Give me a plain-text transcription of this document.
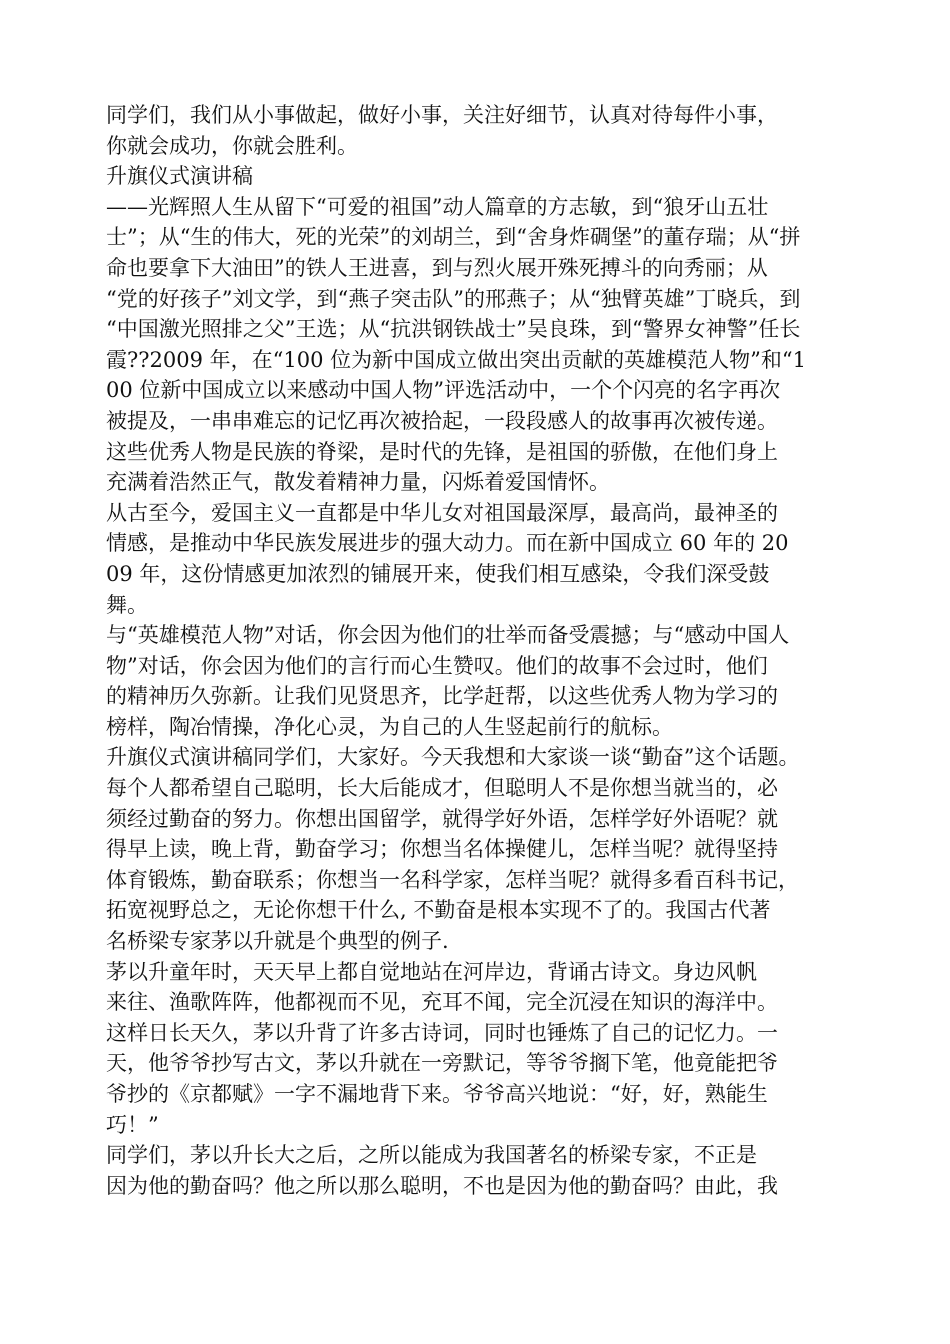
同学们，我们从小事做起，做好小事，关注好细节，认真对待每件小事，
你就会成功，你就会胜利。
升旗仪式演讲稿
——光辉照人生从留下“可爱的祖国”动人篇章的方志敏，到“狼牙山五壮
士”；从“生的伟大，死的光荣”的刘胡兰，到“舍身炸碉堡”的董存瑞；从“拼
命也要拿下大油田”的铁人王进喜，到与烈火展开殊死搏斗的向秀丽；从
“党的好孩子”刘文学，到“燕子突击队”的邢燕子；从“独臂英雄”丁晓兵，到
“中国激光照排之父”王选；从“抗洪钢铁战士”吴良珠，到“警界女神警”任长
霞??2009 年，在“100 位为新中国成立做出突出贡献的英雄模范人物”和“1
00 位新中国成立以来感动中国人物”评选活动中，一个个闪亮的名字再次
被提及，一串串难忘的记忆再次被拾起，一段段感人的故事再次被传递。
这些优秀人物是民族的脊梁，是时代的先锋，是祖国的骄傲，在他们身上
充满着浩然正气，散发着精神力量，闪烁着爱国情怀。
从古至今，爱国主义一直都是中华儿女对祖国最深厚，最高尚，最神圣的
情感，是推动中华民族发展进步的强大动力。而在新中国成立 60 年的 20
09 年，这份情感更加浓烈的铺展开来，使我们相互感染，令我们深受鼓
舞。
与“英雄模范人物”对话，你会因为他们的壮举而备受震撼；与“感动中国人
物”对话，你会因为他们的言行而心生赞叹。他们的故事不会过时，他们
的精神历久弥新。让我们见贤思齐，比学赶帮，以这些优秀人物为学习的
榜样，陶冶情操，净化心灵，为自己的人生竖起前行的航标。
升旗仪式演讲稿同学们，大家好。今天我想和大家谈一谈“勤奋”这个话题。
每个人都希望自己聪明，长大后能成才，但聪明人不是你想当就当的，必
须经过勤奋的努力。你想出国留学，就得学好外语，怎样学好外语呢？就
得早上读，晚上背，勤奋学习；你想当名体操健儿，怎样当呢？就得坚持
体育锻炼，勤奋联系；你想当一名科学家，怎样当呢？就得多看百科书记，
拓宽视野总之，无论你想干什么, 不勤奋是根本实现不了的。我国古代著
名桥梁专家茅以升就是个典型的例子.
茅以升童年时，天天早上都自觉地站在河岸边，背诵古诗文。身边风帆
来往、渔歌阵阵，他都视而不见，充耳不闻，完全沉浸在知识的海洋中。
这样日长天久，茅以升背了许多古诗词，同时也锤炼了自己的记忆力。一
天，他爷爷抄写古文，茅以升就在一旁默记，等爷爷搁下笔，他竟能把爷
爷抄的《京都赋》一字不漏地背下来。爷爷高兴地说：“好，好，熟能生
巧！”
同学们，茅以升长大之后，之所以能成为我国著名的桥梁专家，不正是
因为他的勤奋吗？他之所以那么聪明，不也是因为他的勤奋吗？由此，我
